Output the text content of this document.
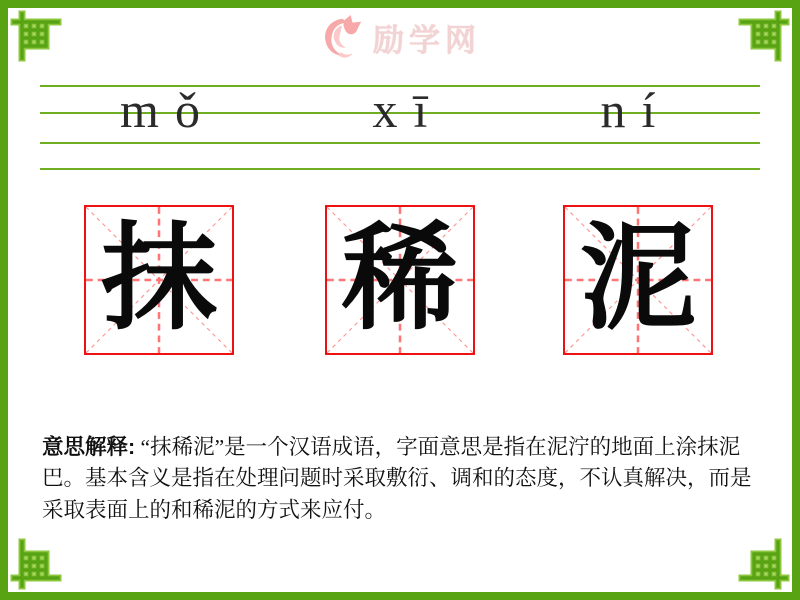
励学网
mǒ	xī	ní
抹 稀 泥

意思解释: “抹稀泥”是一个汉语成语，字面意思是指在泥泞的地面上涂抹泥巴。基本含义是指在处理问题时采取敷衍、调和的态度，不认真解决，而是采取表面上的和稀泥的方式来应付。
